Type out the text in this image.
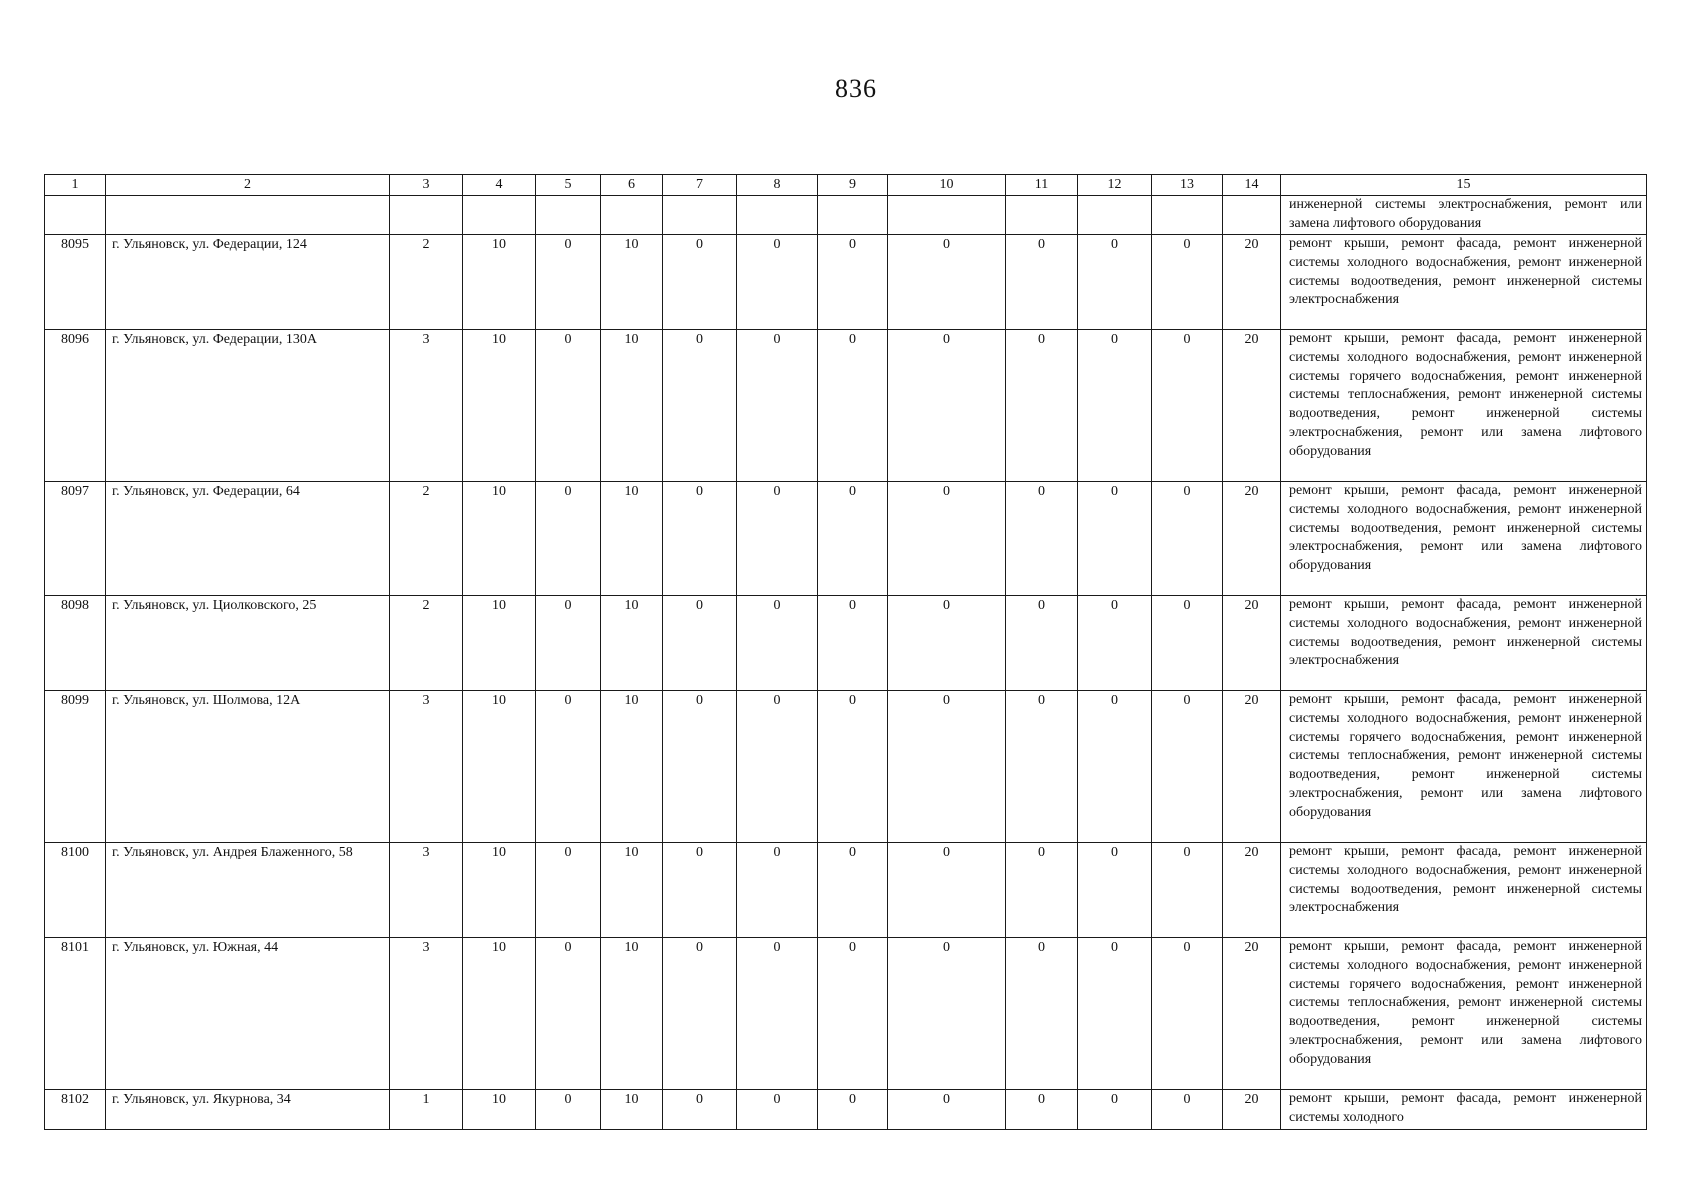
836
1	2	3	4	5	6	7	8	9	10	11	12	13	14	15
														инженерной системы электроснабжения, ремонт или замена лифтового оборудования
8095	г. Ульяновск, ул. Федерации, 124	2	10	0	10	0	0	0	0	0	0	0	20	ремонт крыши, ремонт фасада, ремонт инженерной системы холодного водоснабжения, ремонт инженерной системы водоотведения, ремонт инженерной системы электроснабжения
8096	г. Ульяновск, ул. Федерации, 130А	3	10	0	10	0	0	0	0	0	0	0	20	ремонт крыши, ремонт фасада, ремонт инженерной системы холодного водоснабжения, ремонт инженерной системы горячего водоснабжения, ремонт инженерной системы теплоснабжения, ремонт инженерной системы водоотведения, ремонт инженерной системы электроснабжения, ремонт или замена лифтового оборудования
8097	г. Ульяновск, ул. Федерации, 64	2	10	0	10	0	0	0	0	0	0	0	20	ремонт крыши, ремонт фасада, ремонт инженерной системы холодного водоснабжения, ремонт инженерной системы водоотведения, ремонт инженерной системы электроснабжения, ремонт или замена лифтового оборудования
8098	г. Ульяновск, ул. Циолковского, 25	2	10	0	10	0	0	0	0	0	0	0	20	ремонт крыши, ремонт фасада, ремонт инженерной системы холодного водоснабжения, ремонт инженерной системы водоотведения, ремонт инженерной системы электроснабжения
8099	г. Ульяновск, ул. Шолмова, 12А	3	10	0	10	0	0	0	0	0	0	0	20	ремонт крыши, ремонт фасада, ремонт инженерной системы холодного водоснабжения, ремонт инженерной системы горячего водоснабжения, ремонт инженерной системы теплоснабжения, ремонт инженерной системы водоотведения, ремонт инженерной системы электроснабжения, ремонт или замена лифтового оборудования
8100	г. Ульяновск, ул. Андрея Блаженного, 58	3	10	0	10	0	0	0	0	0	0	0	20	ремонт крыши, ремонт фасада, ремонт инженерной системы холодного водоснабжения, ремонт инженерной системы водоотведения, ремонт инженерной системы электроснабжения
8101	г. Ульяновск, ул. Южная, 44	3	10	0	10	0	0	0	0	0	0	0	20	ремонт крыши, ремонт фасада, ремонт инженерной системы холодного водоснабжения, ремонт инженерной системы горячего водоснабжения, ремонт инженерной системы теплоснабжения, ремонт инженерной системы водоотведения, ремонт инженерной системы электроснабжения, ремонт или замена лифтового оборудования
8102	г. Ульяновск, ул. Якурнова, 34	1	10	0	10	0	0	0	0	0	0	0	20	ремонт крыши, ремонт фасада, ремонт инженерной системы холодного
